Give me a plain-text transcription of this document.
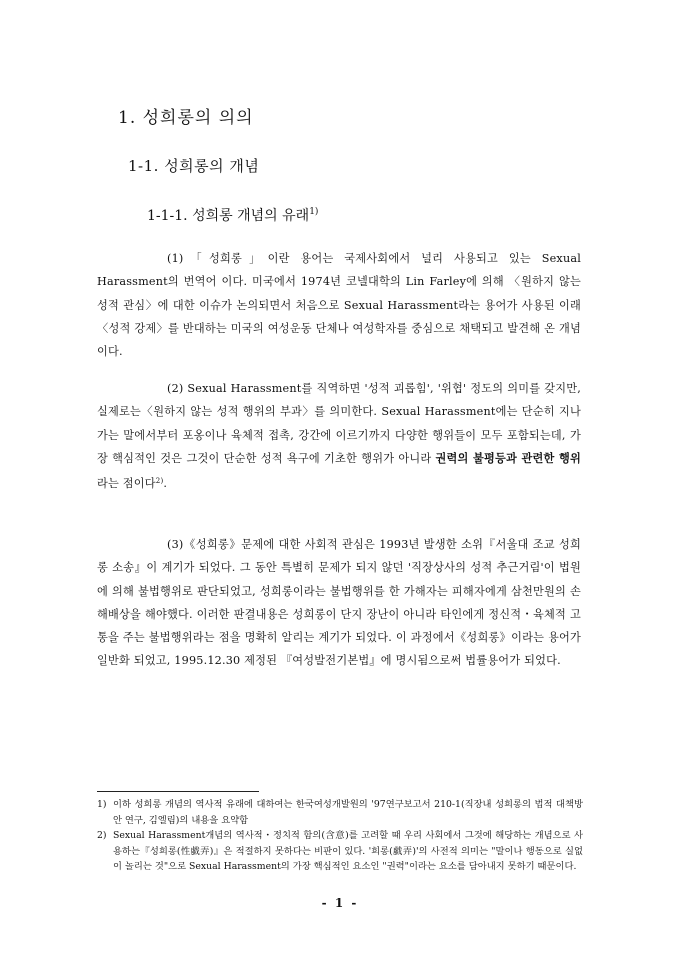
1. 성희롱의 의의
1-1. 성희롱의 개념
1-1-1. 성희롱 개념의 유래$^{1)}$
(1)「성희롱」이란 용어는 국제사회에서 널리 사용되고 있는 Sexual Harassment의 번역어 이다. 미국에서 1974년 코넬대학의 Lin Farley에 의해 〈원하지 않는 성적 관심〉에 대한 이슈가 논의되면서 처음으로 Sexual Harassment라는 용어가 사용된 이래 〈성적 강제〉를 반대하는 미국의 여성운동 단체나 여성학자를 중심으로 채택되고 발견해 온 개념이다.
(2) Sexual Harassment를 직역하면 '성적 괴롭힘', '위협' 정도의 의미를 갖지만, 실제로는〈원하지 않는 성적 행위의 부과〉를 의미한다. Sexual Harassment에는 단순히 지나가는 말에서부터 포옹이나 육체적 접촉, 강간에 이르기까지 다양한 행위들이 모두 포함되는데, 가장 핵심적인 것은 그것이 단순한 성적 욕구에 기초한 행위가 아니라 권력의 불평등과 관련한 행위라는 점이다$^{2)}$.
(3)《성희롱》문제에 대한 사회적 관심은 1993년 발생한 소위『서울대 조교 성희롱 소송』이 계기가 되었다. 그 동안 특별히 문제가 되지 않던 '직장상사의 성적 추근거림'이 법원에 의해 불법행위로 판단되었고, 성희롱이라는 불법행위를 한 가해자는 피해자에게 삼천만원의 손해배상을 해야했다. 이러한 판결내용은 성희롱이 단지 장난이 아니라 타인에게 정신적・육체적 고통을 주는 불법행위라는 점을 명확히 알리는 계기가 되었다. 이 과정에서《성희롱》이라는 용어가 일반화 되었고, 1995.12.30 제정된 『여성발전기본법』에 명시됨으로써 법률용어가 되었다.
1) 이하 성희롱 개념의 역사적 유래에 대하여는 한국여성개발원의 '97연구보고서 210-1(직장내 성희롱의 법적 대책방안 연구, 김엘림)의 내용을 요약함
2) Sexual Harassment개념의 역사적・정치적 함의(含意)를 고려할 때 우리 사회에서 그것에 해당하는 개념으로 사용하는『성희롱(性戱弄)』은 적절하지 못하다는 비판이 있다. '희롱(戱弄)'의 사전적 의미는 "말이나 행동으로 실없이 놀리는 것"으로 Sexual Harassment의 가장 핵심적인 요소인 "권력"이라는 요소를 담아내지 못하기 때문이다.
- 1 -
